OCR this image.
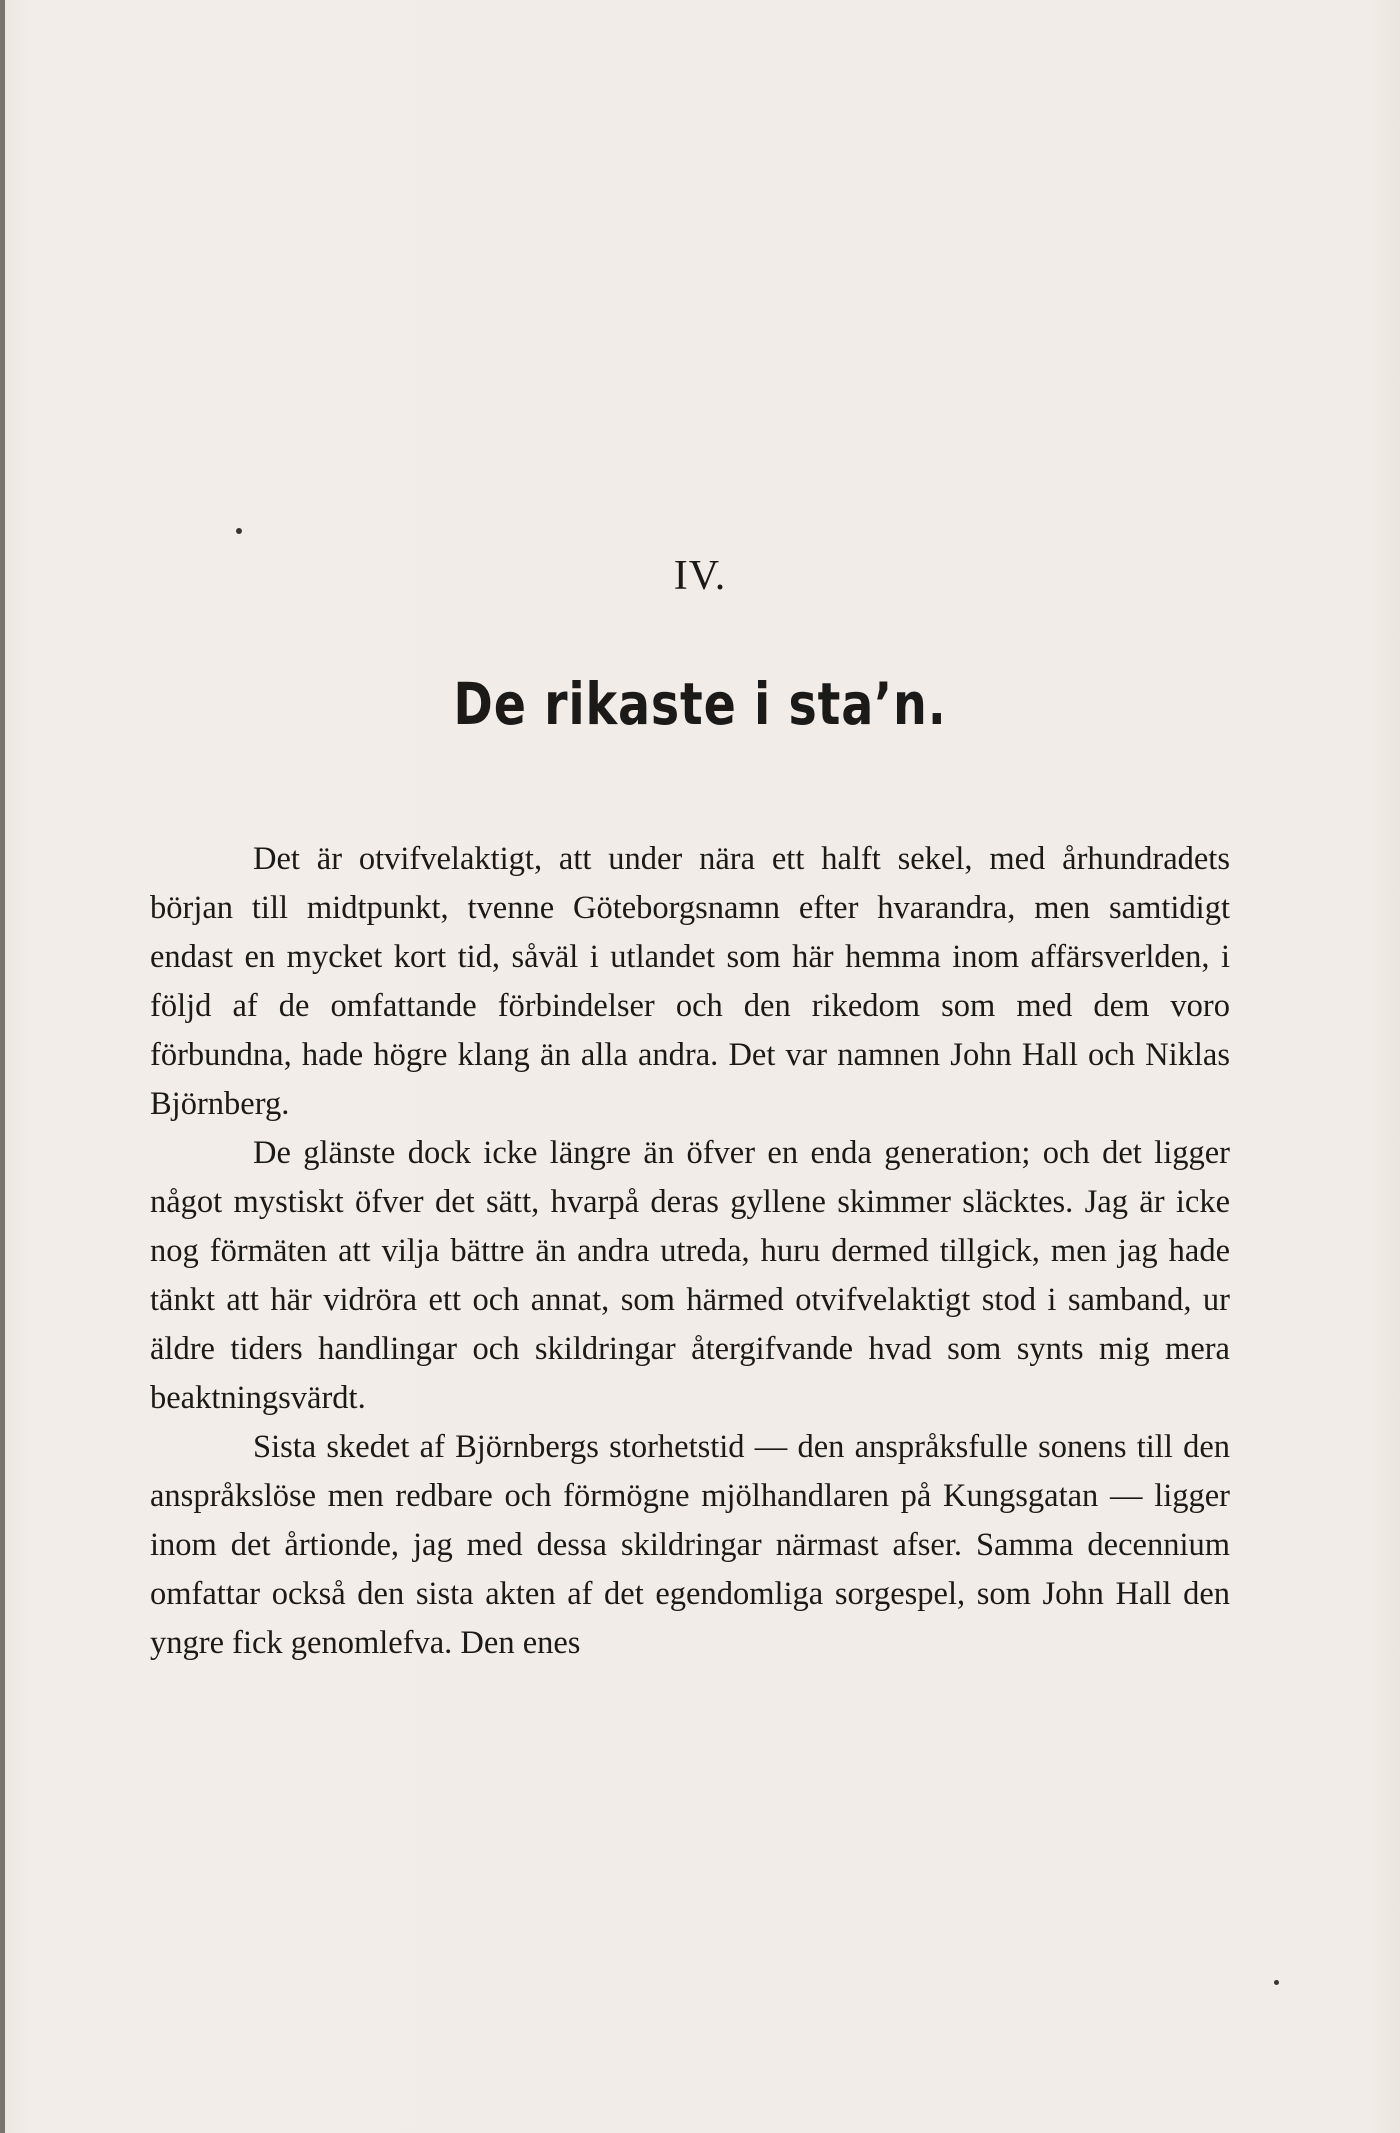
IV.
De rikaste i sta’n.

Det är otvifvelaktigt, att under nära ett halft sekel, med århundradets början till midtpunkt, tvenne Göteborgsnamn efter hvarandra, men samtidigt endast en mycket kort tid, såväl i utlandet som här hemma inom affärsverlden, i följd af de omfattande förbindelser och den rikedom som med dem voro förbundna, hade högre klang än alla andra. Det var namnen John Hall och Niklas Björnberg.

De glänste dock icke längre än öfver en enda generation; och det ligger något mystiskt öfver det sätt, hvarpå deras gyllene skimmer släcktes. Jag är icke nog förmäten att vilja bättre än andra utreda, huru dermed tillgick, men jag hade tänkt att här vidröra ett och annat, som härmed otvifvelaktigt stod i samband, ur äldre tiders handlingar och skildringar återgifvande hvad som synts mig mera beaktningsvärdt.

Sista skedet af Björnbergs storhetstid — den anspråksfulle sonens till den anspråkslöse men redbare och förmögne mjölhandlaren på Kungsgatan — ligger inom det årtionde, jag med dessa skildringar närmast afser. Samma decennium omfattar också den sista akten af det egendomliga sorgespel, som John Hall den yngre fick genomlefva. Den enes
